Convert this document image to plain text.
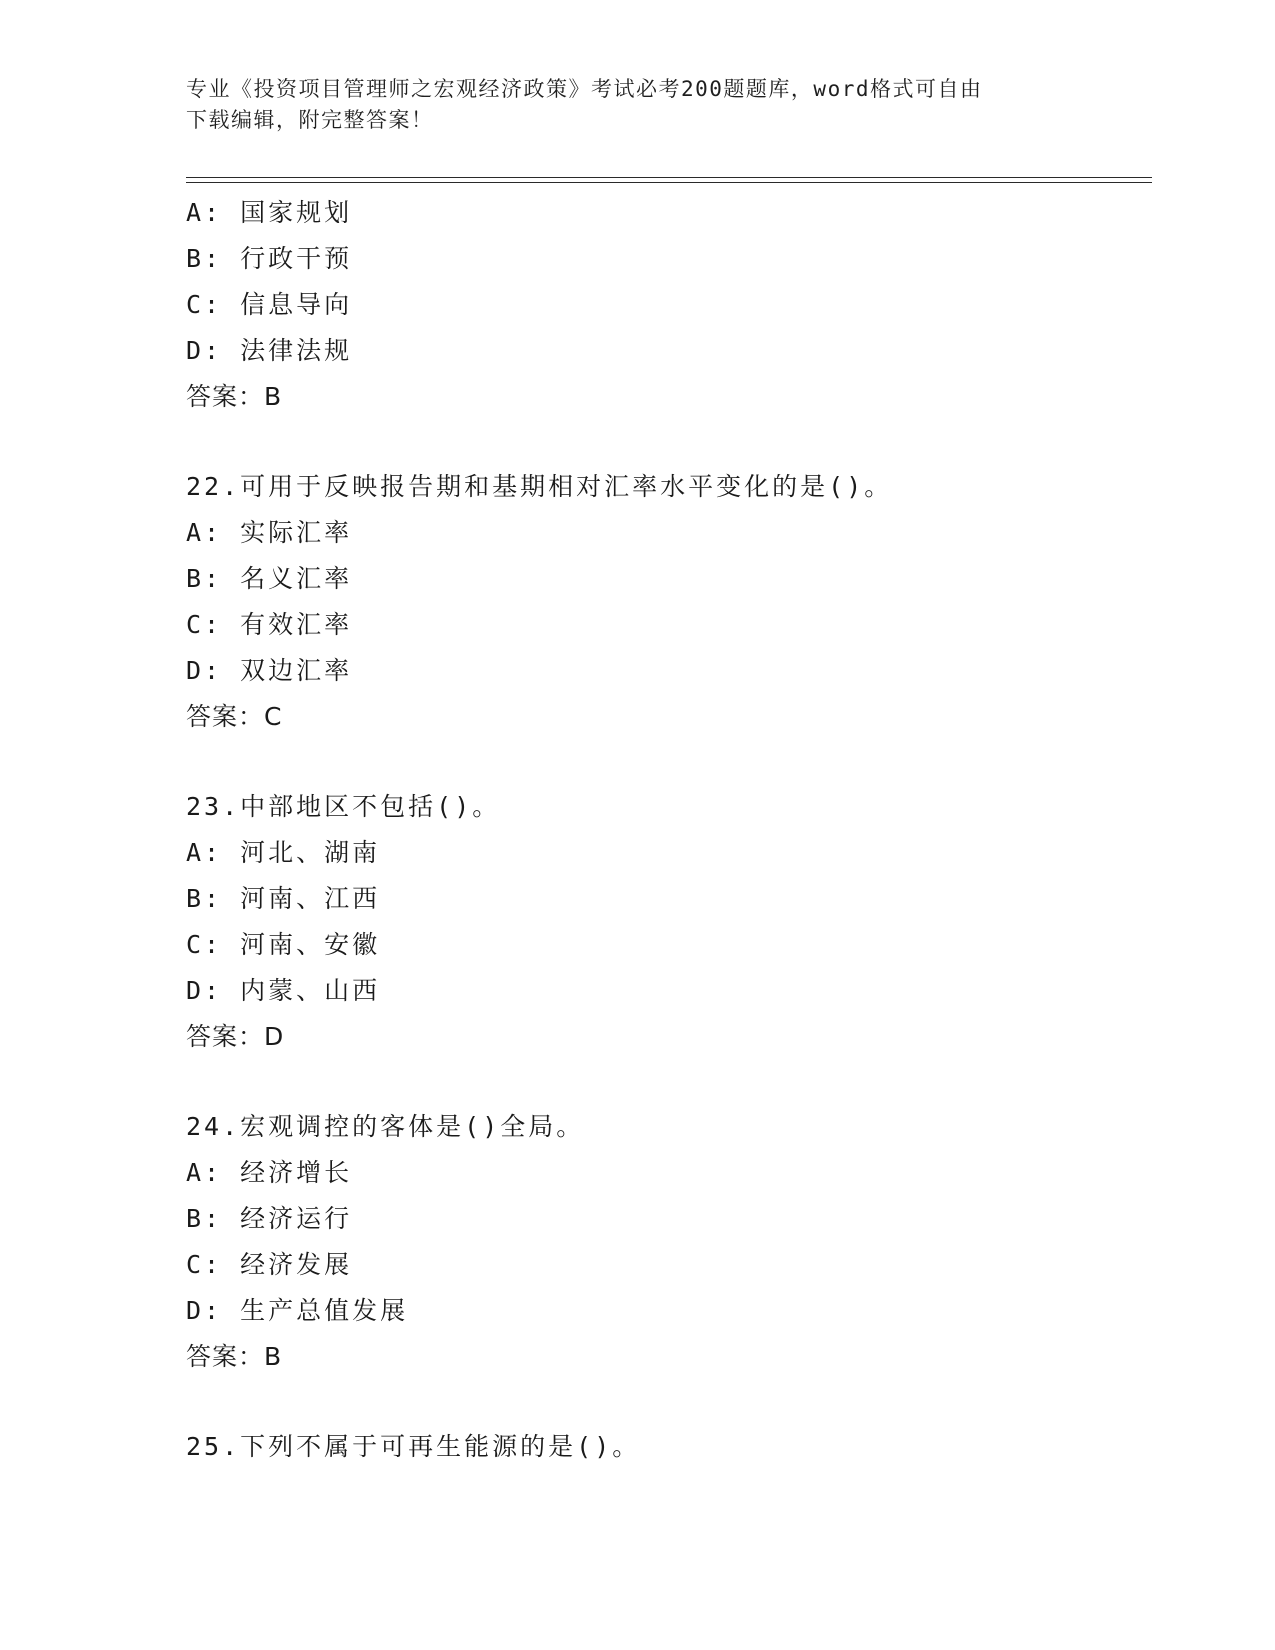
专业《投资项目管理师之宏观经济政策》考试必考200题题库，word格式可自由
下载编辑，附完整答案！
A: 国家规划
B: 行政干预
C: 信息导向
D: 法律法规
答案：B
22.可用于反映报告期和基期相对汇率水平变化的是()。
A: 实际汇率
B: 名义汇率
C: 有效汇率
D: 双边汇率
答案：C
23.中部地区不包括()。
A: 河北、湖南
B: 河南、江西
C: 河南、安徽
D: 内蒙、山西
答案：D
24.宏观调控的客体是()全局。
A: 经济增长
B: 经济运行
C: 经济发展
D: 生产总值发展
答案：B
25.下列不属于可再生能源的是()。
